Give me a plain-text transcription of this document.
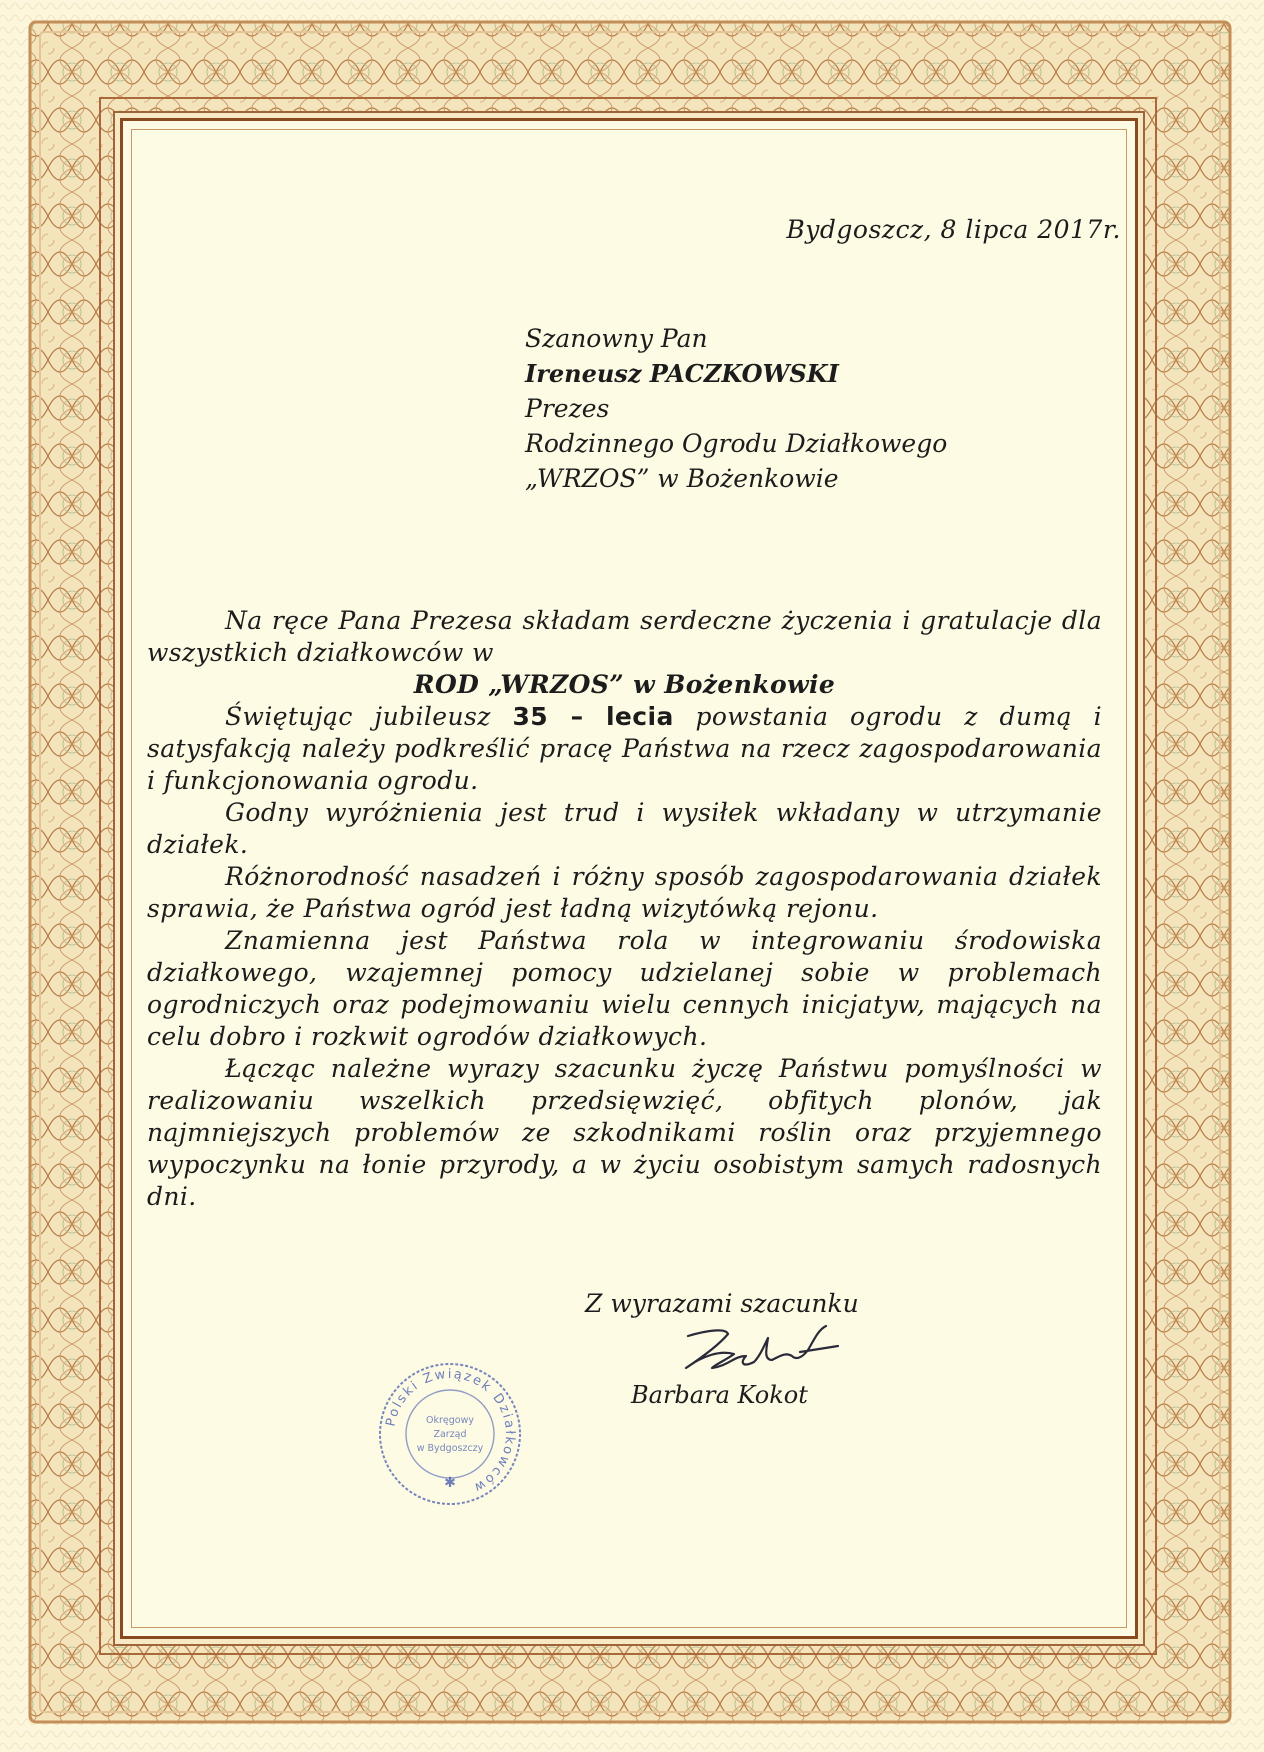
Bydgoszcz, 8 lipca 2017r.
Szanowny Pan
Ireneusz PACZKOWSKI
Prezes
Rodzinnego Ogrodu Działkowego
„WRZOS” w Bożenkowie

Na ręce Pana Prezesa składam serdeczne życzenia i gratulacje dla wszystkich działkowców w

ROD „WRZOS” w Bożenkowie

Świętując jubileusz 35 – lecia powstania ogrodu z dumą i satysfakcją należy podkreślić pracę Państwa na rzecz zagospodarowania i funkcjonowania ogrodu.

Godny wyróżnienia jest trud i wysiłek wkładany w utrzymanie działek.

Różnorodność nasadzeń i różny sposób zagospodarowania działek sprawia, że Państwa ogród jest ładną wizytówką rejonu.

Znamienna jest Państwa rola w integrowaniu środowiska działkowego, wzajemnej pomocy udzielanej sobie w problemach ogrodniczych oraz podejmowaniu wielu cennych inicjatyw, mających na celu dobro i rozkwit ogrodów działkowych.

Łącząc należne wyrazy szacunku życzę Państwu pomyślności w realizowaniu wszelkich przedsięwzięć, obfitych plonów, jak najmniejszych problemów ze szkodnikami roślin oraz przyjemnego wypoczynku na łonie przyrody, a w życiu osobistym samych radosnych dni.

Z wyrazami szacunku
Barbara Kokot
Polski Związek Działkowców
Okręgowy
Zarząd
w Bydgoszczy
✱
